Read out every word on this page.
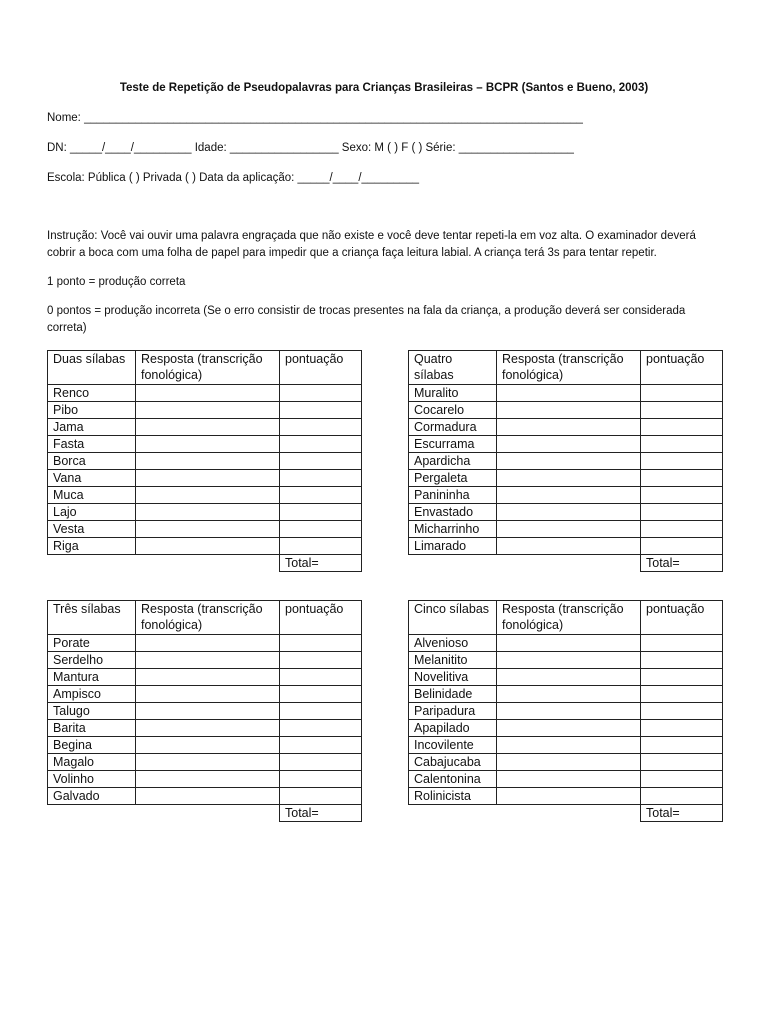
Teste de Repetição de Pseudopalavras para Crianças Brasileiras – BCPR (Santos e Bueno, 2003)

Nome: ______________________________________________________________________________

DN: _____/____/_________ Idade: _________________ Sexo: M ( ) F ( ) Série: __________________

Escola: Pública ( ) Privada ( ) Data da aplicação: _____/____/_________

Instrução: Você vai ouvir uma palavra engraçada que não existe e você deve tentar repeti-la em voz alta. O examinador deverá cobrir a boca com uma folha de papel para impedir que a criança faça leitura labial. A criança terá 3s para tentar repetir.

1 ponto = produção correta

0 pontos = produção incorreta (Se o erro consistir de trocas presentes na fala da criança, a produção deverá ser considerada correta)

Duas sílabas	Resposta (transcrição fonológica)	pontuação
Renco		
Pibo		
Jama		
Fasta		
Borca		
Vana		
Muca		
Lajo		
Vesta		
Riga		
		Total=
Quatro sílabas	Resposta (transcrição fonológica)	pontuação
Muralito		
Cocarelo		
Cormadura		
Escurrama		
Apardicha		
Pergaleta		
Panininha		
Envastado		
Micharrinho		
Limarado		
		Total=
Três sílabas	Resposta (transcrição fonológica)	pontuação
Porate		
Serdelho		
Mantura		
Ampisco		
Talugo		
Barita		
Begina		
Magalo		
Volinho		
Galvado		
		Total=
Cinco sílabas	Resposta (transcrição fonológica)	pontuação
Alvenioso		
Melanitito		
Novelitiva		
Belinidade		
Paripadura		
Apapilado		
Incovilente		
Cabajucaba		
Calentonina		
Rolinicista		
		Total=
